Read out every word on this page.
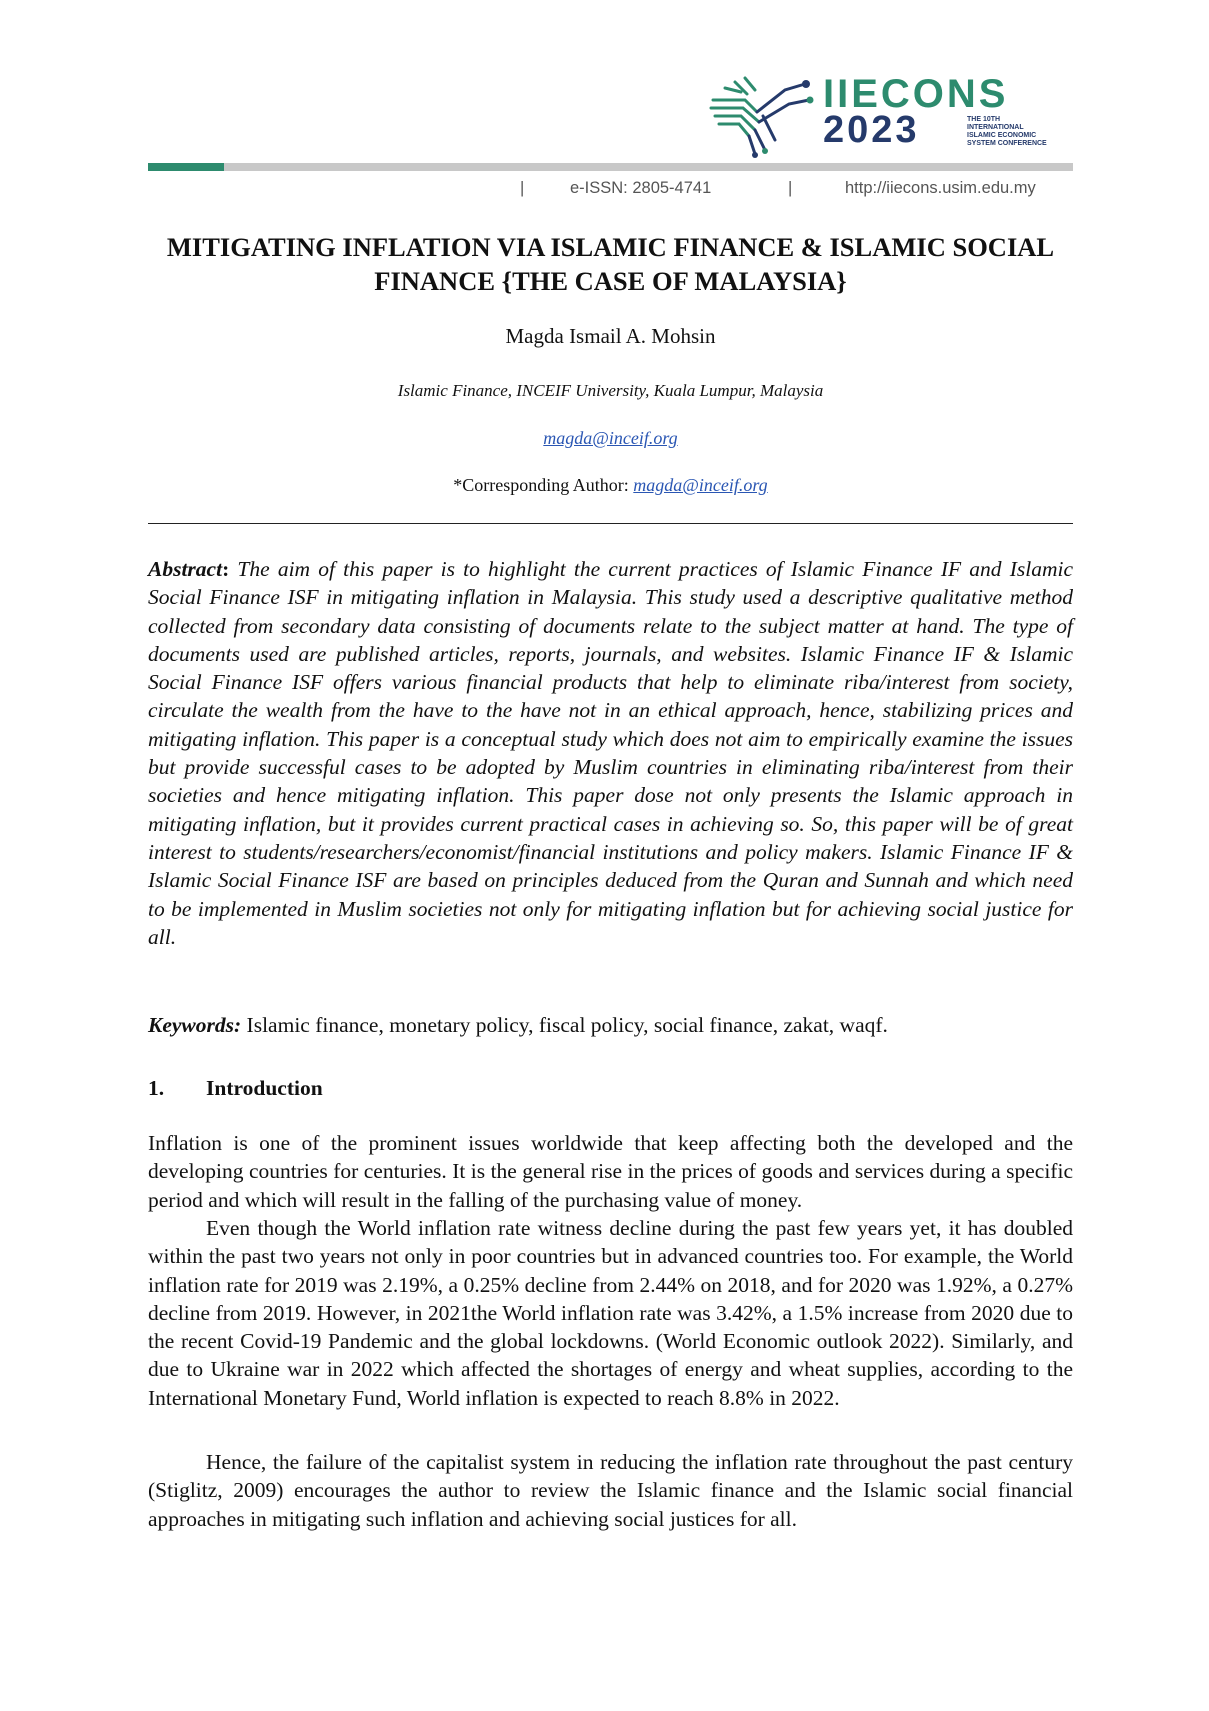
IIECONS
2023	THE 10TH INTERNATIONAL ISLAMIC ECONOMIC SYSTEM CONFERENCE
|	e-ISSN: 2805-4741	|	http://iiecons.usim.edu.my
MITIGATING INFLATION VIA ISLAMIC FINANCE & ISLAMIC SOCIAL FINANCE {THE CASE OF MALAYSIA}
Magda Ismail A. Mohsin
Islamic Finance, INCEIF University, Kuala Lumpur, Malaysia
magda@inceif.org
*Corresponding Author: magda@inceif.org

Abstract: The aim of this paper is to highlight the current practices of Islamic Finance IF and Islamic Social Finance ISF in mitigating inflation in Malaysia. This study used a descriptive qualitative method collected from secondary data consisting of documents relate to the subject matter at hand. The type of documents used are published articles, reports, journals, and websites. Islamic Finance IF & Islamic Social Finance ISF offers various financial products that help to eliminate riba/interest from society, circulate the wealth from the have to the have not in an ethical approach, hence, stabilizing prices and mitigating inflation. This paper is a conceptual study which does not aim to empirically examine the issues but provide successful cases to be adopted by Muslim countries in eliminating riba/interest from their societies and hence mitigating inflation. This paper dose not only presents the Islamic approach in mitigating inflation, but it provides current practical cases in achieving so. So, this paper will be of great interest to students/researchers/economist/financial institutions and policy makers. Islamic Finance IF & Islamic Social Finance ISF are based on principles deduced from the Quran and Sunnah and which need to be implemented in Muslim societies not only for mitigating inflation but for achieving social justice for all.

Keywords: Islamic finance, monetary policy, fiscal policy, social finance, zakat, waqf.

1. Introduction

Inflation is one of the prominent issues worldwide that keep affecting both the developed and the developing countries for centuries. It is the general rise in the prices of goods and services during a specific period and which will result in the falling of the purchasing value of money.

Even though the World inflation rate witness decline during the past few years yet, it has doubled within the past two years not only in poor countries but in advanced countries too. For example, the World inflation rate for 2019 was 2.19%, a 0.25% decline from 2.44% on 2018, and for 2020 was 1.92%, a 0.27% decline from 2019. However, in 2021the World inflation rate was 3.42%, a 1.5% increase from 2020 due to the recent Covid-19 Pandemic and the global lockdowns. (World Economic outlook 2022). Similarly, and due to Ukraine war in 2022 which affected the shortages of energy and wheat supplies, according to the International Monetary Fund, World inflation is expected to reach 8.8% in 2022.

Hence, the failure of the capitalist system in reducing the inflation rate throughout the past century (Stiglitz, 2009) encourages the author to review the Islamic finance and the Islamic social financial approaches in mitigating such inflation and achieving social justices for all.
